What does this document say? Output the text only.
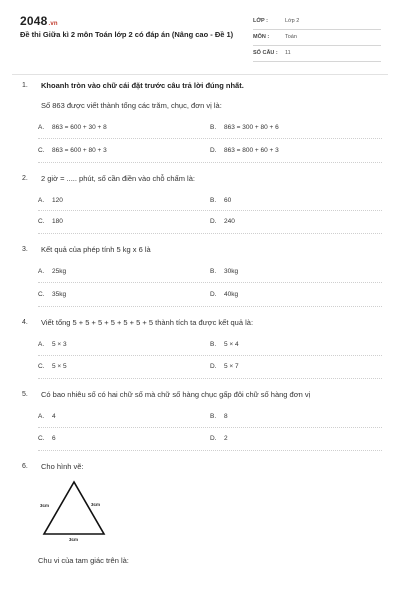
2048.vn
Đề thi Giữa kì 2 môn Toán lớp 2 có đáp án (Nâng cao - Đề 1)
LỚP :	Lớp 2
MÔN :	Toán
SỐ CÂU : 11
1. Khoanh tròn vào chữ cái đặt trước câu trả lời đúng nhất.
Số 863 được viết thành tổng các trăm, chục, đơn vị là:
A. 863 = 600 + 30 + 8	B. 863 = 300 + 80 + 6
C. 863 = 600 + 80 + 3	D. 863 = 800 + 60 + 3
2. 2 giờ = ..... phút, số cần điền vào chỗ chấm là:
A. 120	B. 60
C. 180	D. 240
3. Kết quả của phép tính 5 kg x 6 là
A. 25kg	B. 30kg
C. 35kg	D. 40kg
4. Viết tổng 5 + 5 + 5 + 5 + 5 + 5 + 5 thành tích ta được kết quả là:
A. 5 × 3	B. 5 × 4
C. 5 × 5	D. 5 × 7
5. Có bao nhiêu số có hai chữ số mà chữ số hàng chục gấp đôi chữ số hàng đơn vị
A. 4	B. 8
C. 6	D. 2
6. Cho hình vẽ:
3cm	3cm
3cm
Chu vi của tam giác trên là:
